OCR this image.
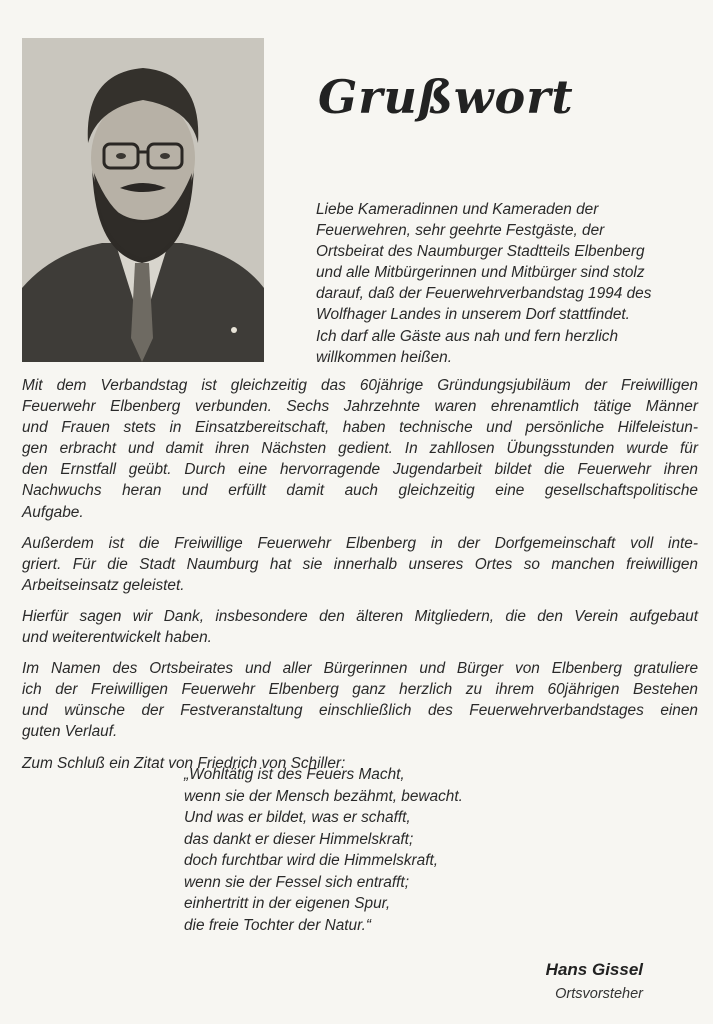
Grußwort
Liebe Kameradinnen und Kameraden der
Feuerwehren, sehr geehrte Festgäste, der
Ortsbeirat des Naumburger Stadtteils Elbenberg
und alle Mitbürgerinnen und Mitbürger sind stolz
darauf, daß der Feuerwehrverbandstag 1994 des
Wolfhager Landes in unserem Dorf stattfindet.
Ich darf alle Gäste aus nah und fern herzlich
willkommen heißen.

Mit dem Verbandstag ist gleichzeitig das 60jährige Gründungsjubiläum der Freiwilligen
Feuerwehr Elbenberg verbunden. Sechs Jahrzehnte waren ehrenamtlich tätige Männer
und Frauen stets in Einsatzbereitschaft, haben technische und persönliche Hilfeleistun-
gen erbracht und damit ihren Nächsten gedient. In zahllosen Übungsstunden wurde für
den Ernstfall geübt. Durch eine hervorragende Jugendarbeit bildet die Feuerwehr ihren
Nachwuchs heran und erfüllt damit auch gleichzeitig eine gesellschaftspolitische
Aufgabe.

Außerdem ist die Freiwillige Feuerwehr Elbenberg in der Dorfgemeinschaft voll inte-
griert. Für die Stadt Naumburg hat sie innerhalb unseres Ortes so manchen freiwilligen
Arbeitseinsatz geleistet.

Hierfür sagen wir Dank, insbesondere den älteren Mitgliedern, die den Verein aufgebaut
und weiterentwickelt haben.

Im Namen des Ortsbeirates und aller Bürgerinnen und Bürger von Elbenberg gratuliere
ich der Freiwilligen Feuerwehr Elbenberg ganz herzlich zu ihrem 60jährigen Bestehen
und wünsche der Festveranstaltung einschließlich des Feuerwehrverbandstages einen
guten Verlauf.

Zum Schluß ein Zitat von Friedrich von Schiller:

„Wohltätig ist des Feuers Macht,
wenn sie der Mensch bezähmt, bewacht.
Und was er bildet, was er schafft,
das dankt er dieser Himmelskraft;
doch furchtbar wird die Himmelskraft,
wenn sie der Fessel sich entrafft;
einhertritt in der eigenen Spur,
die freie Tochter der Natur.“
Hans Gissel
Ortsvorsteher
